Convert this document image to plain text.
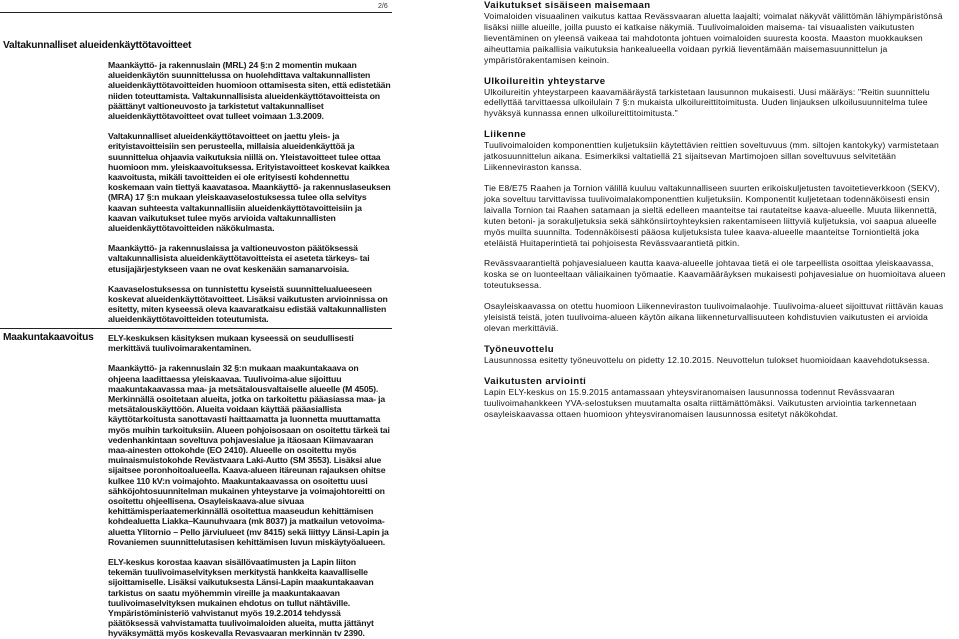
2/6
Valtakunnalliset alueidenkäyttötavoitteet

Maankäyttö- ja rakennuslain (MRL) 24 §:n 2 momentin mukaan alueidenkäytön suunnittelussa on huolehdittava valtakunnallisten alueidenkäyttötavoitteiden huomioon ottamisesta siten, että edistetään niiden toteuttamista. Valtakunnallisista alueidenkäyttötavoitteista on päättänyt valtioneuvosto ja tarkistetut valtakunnalliset alueidenkäyttötavoitteet ovat tulleet voimaan 1.3.2009.

Valtakunnalliset alueidenkäyttötavoitteet on jaettu yleis- ja erityistavoitteisiin sen perusteella, millaisia alueidenkäyttöä ja suunnittelua ohjaavia vaikutuksia niillä on. Yleistavoitteet tulee ottaa huomioon mm. yleiskaavoituksessa. Erityistavoitteet koskevat kaikkea kaavoitusta, mikäli tavoitteiden ei ole erityisesti kohdennettu koskemaan vain tiettyä kaavatasoa. Maankäyttö- ja rakennuslaseuksen (MRA) 17 §:n mukaan yleiskaavaselostuksessa tulee olla selvitys kaavan suhteesta valtakunnallisiin alueidenkäyttötavoitteisiin ja kaavan vaikutukset tulee myös arvioida valtakunnallisten alueidenkäyttötavoitteiden näkökulmasta.

Maankäyttö- ja rakennuslaissa ja valtioneuvoston päätöksessä valtakunnallisista alueidenkäyttötavoitteista ei aseteta tärkeys- tai etusijajärjestykseen vaan ne ovat keskenään samanarvoisia.

Kaavaselostuksessa on tunnistettu kyseistä suunnittelualueeseen koskevat alueidenkäyttötavoitteet. Lisäksi vaikutusten arvioinnissa on esitetty, miten kyseessä oleva kaavaratkaisu edistää valtakunnallisten alueidenkäyttötavoitteiden toteutumista.

Maakuntakaavoitus ELY-keskuksen käsityksen mukaan kyseessä on seudullisesti merkittävä tuulivoimarakentaminen.

Maankäyttö- ja rakennuslain 32 §:n mukaan maakuntakaava on ohjeena laadittaessa yleiskaavaa. Tuulivoima-alue sijoittuu maakuntakaavassa maa- ja metsätalousvaltaiselle alueelle (M 4505). Merkinnällä osoitetaan alueita, jotka on tarkoitettu pääasiassa maa- ja metsätalouskäyttöön. Alueita voidaan käyttää pääasiallista käyttötarkoitusta sanottavasti haittaamatta ja luonnetta muuttamatta myös muihin tarkoituksiin. Alueen pohjoisosaan on osoitettu tärkeä tai vedenhankintaan soveltuva pohjavesialue ja itäosaan Kiimavaaran maa-ainesten ottokohde (EO 2410). Alueelle on osoitettu myös muinaismuistokohde Revästvaara Laki-Autto (SM 3553). Lisäksi alue sijaitsee poronhoitoalueella. Kaava-alueen itäreunan rajauksen ohitse kulkee 110 kV:n voimajohto. Maakuntakaavassa on osoitettu uusi sähköjohtosuunnitelman mukainen yhteystarve ja voimajohtoreitti on osoitettu ohjeellisena. Osayleiskaava-alue sivuaa kehittämisperiaatemerkinnällä osoitettua maaseudun kehittämisen kohdealuetta Liakka–Kaunuhvaara (mk 8037) ja matkailun vetovoima-aluetta Ylitornio – Pello järviulueet (mv 8415) sekä liittyy Länsi-Lapin ja Rovaniemen suunnittelutasisen kehittämisen luvun miskäytyöalueen.

ELY-keskus korostaa kaavan sisällövaatimusten ja Lapin liiton tekemän tuulivoimaselvityksen merkitystä hankkeita kaavalliselle sijoittamiselle. Lisäksi vaikutuksesta Länsi-Lapin maakuntakaavan tarkistus on saatu myöhemmin vireille ja maakuntakaavan tuulivoimaselvityksen mukainen ehdotus on tullut nähtäville. Ympäristöministeriö vahvistanut myös 19.2.2014 tehdyssä päätöksessä vahvistamatta tuulivoimaloiden alueita, mutta jättänyt hyväksymättä myös koskevalla Revasvaaran merkinnän tv 2390.

Vaikutukset sisäiseen maisemaan

Voimaloiden visuaalinen vaikutus kattaa Revässvaaran aluetta laajalti; voimalat näkyvät välittömän lähiympäristönsä lisäksi niille alueille, joilla puusto ei katkaise näkymiä. Tuulivoimaloiden maisema- tai visuaalisten vaikutusten lieventäminen on yleensä vaikeaa tai mahdotonta johtuen voimaloiden suuresta koosta. Maaston muokkauksen aiheuttamia paikallisia vaikutuksia hankealueella voidaan pyrkiä lieventämään maisemasuunnittelun ja ympäristörakentamisen keinoin.

Ulkoilureitin yhteystarve

Ulkoilureitin yhteystarpeen kaavamääräystä tarkistetaan lausunnon mukaisesti. Uusi määräys: "Reitin suunnittelu edellyttää tarvittaessa ulkoilulain 7 §:n mukaista ulkoilureittitoimitusta. Uuden linjauksen ulkoilusuunnitelma tulee hyväksyä kunnassa ennen ulkoilureittitoimitusta."

Liikenne

Tuulivoimaloiden komponenttien kuljetuksiin käytettävien reittien soveltuvuus (mm. siltojen kantokyky) varmistetaan jatkosuunnittelun aikana. Esimerkiksi valtatiellä 21 sijaitsevan Martimojoen sillan soveltuvuus selvitetään Liikenneviraston kanssa.

Tie E8/E75 Raahen ja Tornion välillä kuuluu valtakunnalliseen suurten erikoiskuljetusten tavoitetieverkkoon (SEKV), joka soveltuu tarvittavissa tuulivoimalakomponenttien kuljetuksiin. Komponentit kuljetetaan todennäköisesti ensin laivalla Tornion tai Raahen satamaan ja sieltä edelleen maanteitse tai rautateitse kaava-alueelle. Muuta liikennettä, kuten betoni- ja sorakuljetuksia sekä sähkönsiirtoyhteyksien rakentamiseen liittyviä kuljetuksia, voi saapua alueelle myös muilta suunnilta. Todennäköisesti pääosa kuljetuksista tulee kaava-alueelle maanteitse Torniontieltä joka eteläistä Huitaperintietä tai pohjoisesta Revässvaarantietä pitkin.

Revässvaarantieltä pohjavesialueen kautta kaava-alueelle johtavaa tietä ei ole tarpeellista osoittaa yleiskaavassa, koska se on luonteeltaan väliaikainen työmaatie. Kaavamääräyksen mukaisesti pohjavesialue on huomioitava alueen toteutuksessa.

Osayleiskaavassa on otettu huomioon Liikenneviraston tuulivoimalaohje. Tuulivoima-alueet sijoittuvat riittävän kauas yleisistä teistä, joten tuulivoima-alueen käytön aikana liikenneturvallisuuteen kohdistuvien vaikutusten ei arvioida olevan merkittäviä.

Työneuvottelu

Lausunnossa esitetty työneuvottelu on pidetty 12.10.2015. Neuvottelun tulokset huomioidaan kaavehdotuksessa.

Vaikutusten arviointi

Lapin ELY-keskus on 15.9.2015 antamassaan yhteysviranomaisen lausunnossa todennut Revässvaaran tuulivoimahankkeen YVA-selostuksen muutamalta osalta riittämättömäksi. Vaikutusten arviointia tarkennetaan osayleiskaavassa ottaen huomioon yhteysviranomaisen lausunnossa esitetyt näkökohdat.
